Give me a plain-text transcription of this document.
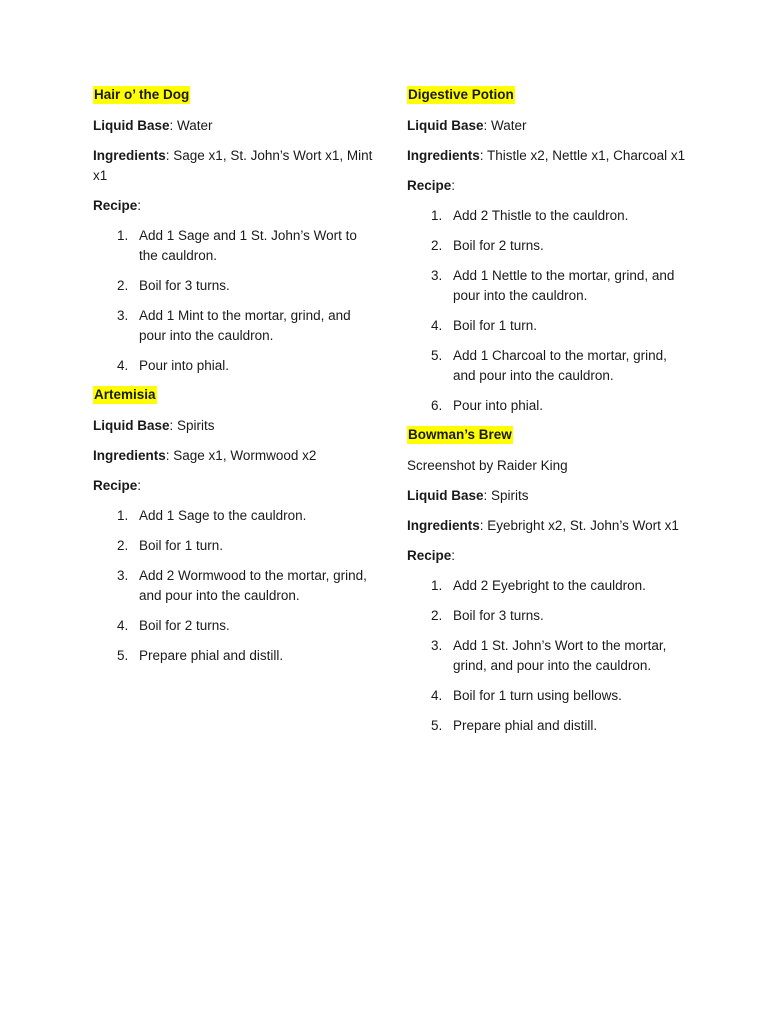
Hair o’ the Dog

Liquid Base: Water

Ingredients: Sage x1, St. John’s Wort x1, Mint x1

Recipe:

1. Add 1 Sage and 1 St. John’s Wort to the cauldron.
2. Boil for 3 turns.
3. Add 1 Mint to the mortar, grind, and pour into the cauldron.
4. Pour into phial.
Artemisia

Liquid Base: Spirits

Ingredients: Sage x1, Wormwood x2

Recipe:

1. Add 1 Sage to the cauldron.
2. Boil for 1 turn.
3. Add 2 Wormwood to the mortar, grind, and pour into the cauldron.
4. Boil for 2 turns.
5. Prepare phial and distill.
Digestive Potion

Liquid Base: Water

Ingredients: Thistle x2, Nettle x1, Charcoal x1

Recipe:

1. Add 2 Thistle to the cauldron.
2. Boil for 2 turns.
3. Add 1 Nettle to the mortar, grind, and pour into the cauldron.
4. Boil for 1 turn.
5. Add 1 Charcoal to the mortar, grind, and pour into the cauldron.
6. Pour into phial.
Bowman’s Brew

Screenshot by Raider King

Liquid Base: Spirits

Ingredients: Eyebright x2, St. John’s Wort x1

Recipe:

1. Add 2 Eyebright to the cauldron.
2. Boil for 3 turns.
3. Add 1 St. John’s Wort to the mortar, grind, and pour into the cauldron.
4. Boil for 1 turn using bellows.
5. Prepare phial and distill.
